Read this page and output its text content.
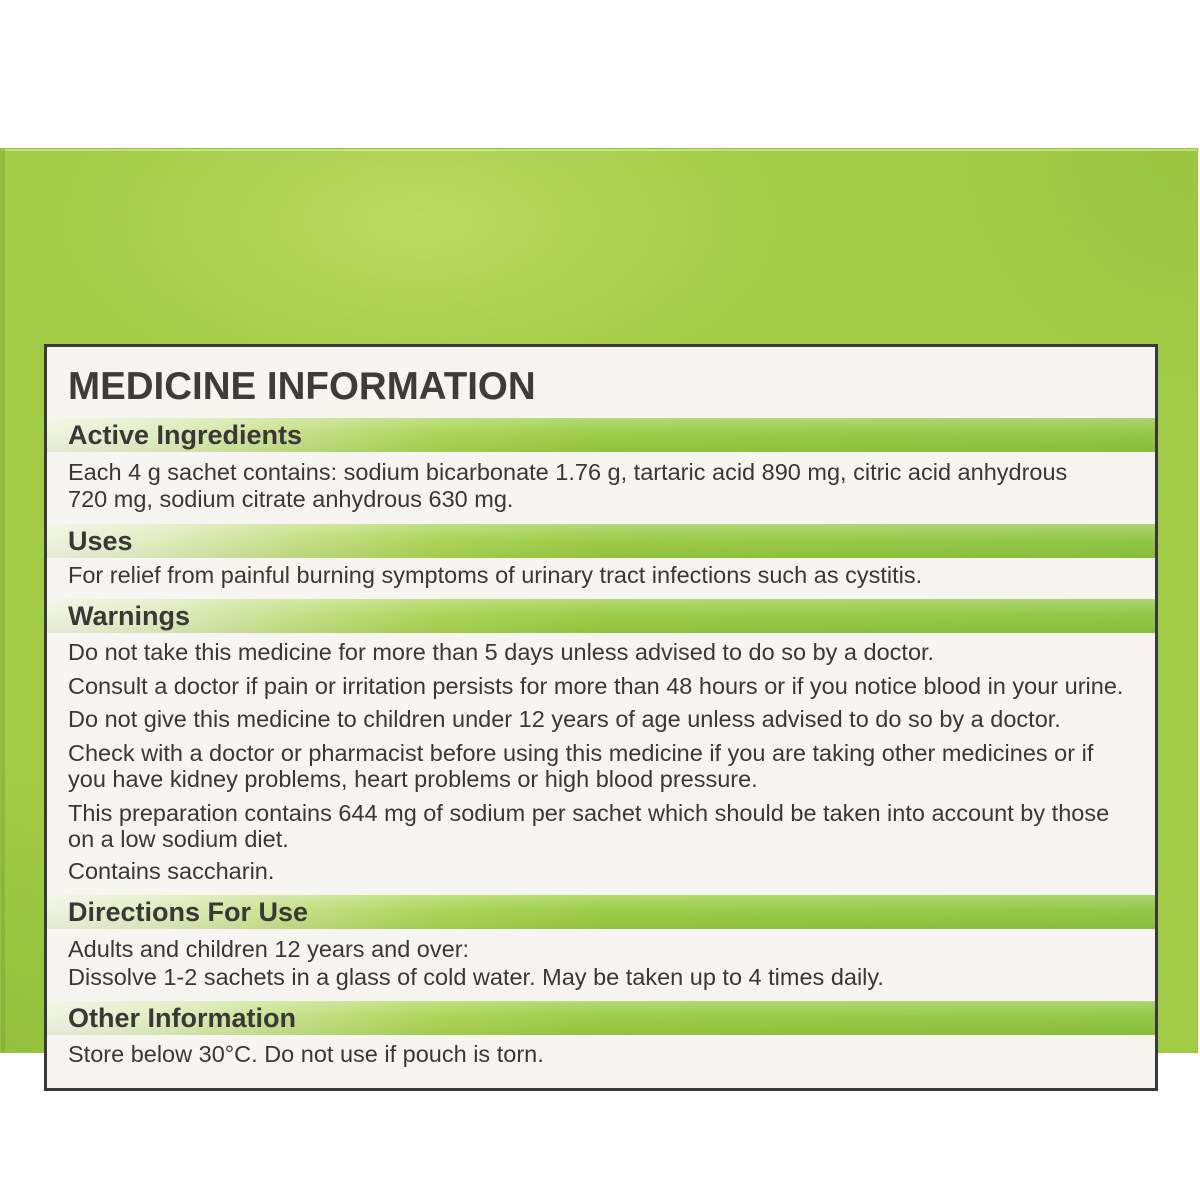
MEDICINE INFORMATION
Active Ingredients
Each 4 g sachet contains: sodium bicarbonate 1.76 g, tartaric acid 890 mg, citric acid anhydrous
720 mg, sodium citrate anhydrous 630 mg.
Uses
For relief from painful burning symptoms of urinary tract infections such as cystitis.
Warnings
Do not take this medicine for more than 5 days unless advised to do so by a doctor.
Consult a doctor if pain or irritation persists for more than 48 hours or if you notice blood in your urine.
Do not give this medicine to children under 12 years of age unless advised to do so by a doctor.
Check with a doctor or pharmacist before using this medicine if you are taking other medicines or if
you have kidney problems, heart problems or high blood pressure.
This preparation contains 644 mg of sodium per sachet which should be taken into account by those
on a low sodium diet.
Contains saccharin.
Directions For Use
Adults and children 12 years and over:
Dissolve 1-2 sachets in a glass of cold water. May be taken up to 4 times daily.
Other Information
Store below 30°C. Do not use if pouch is torn.
